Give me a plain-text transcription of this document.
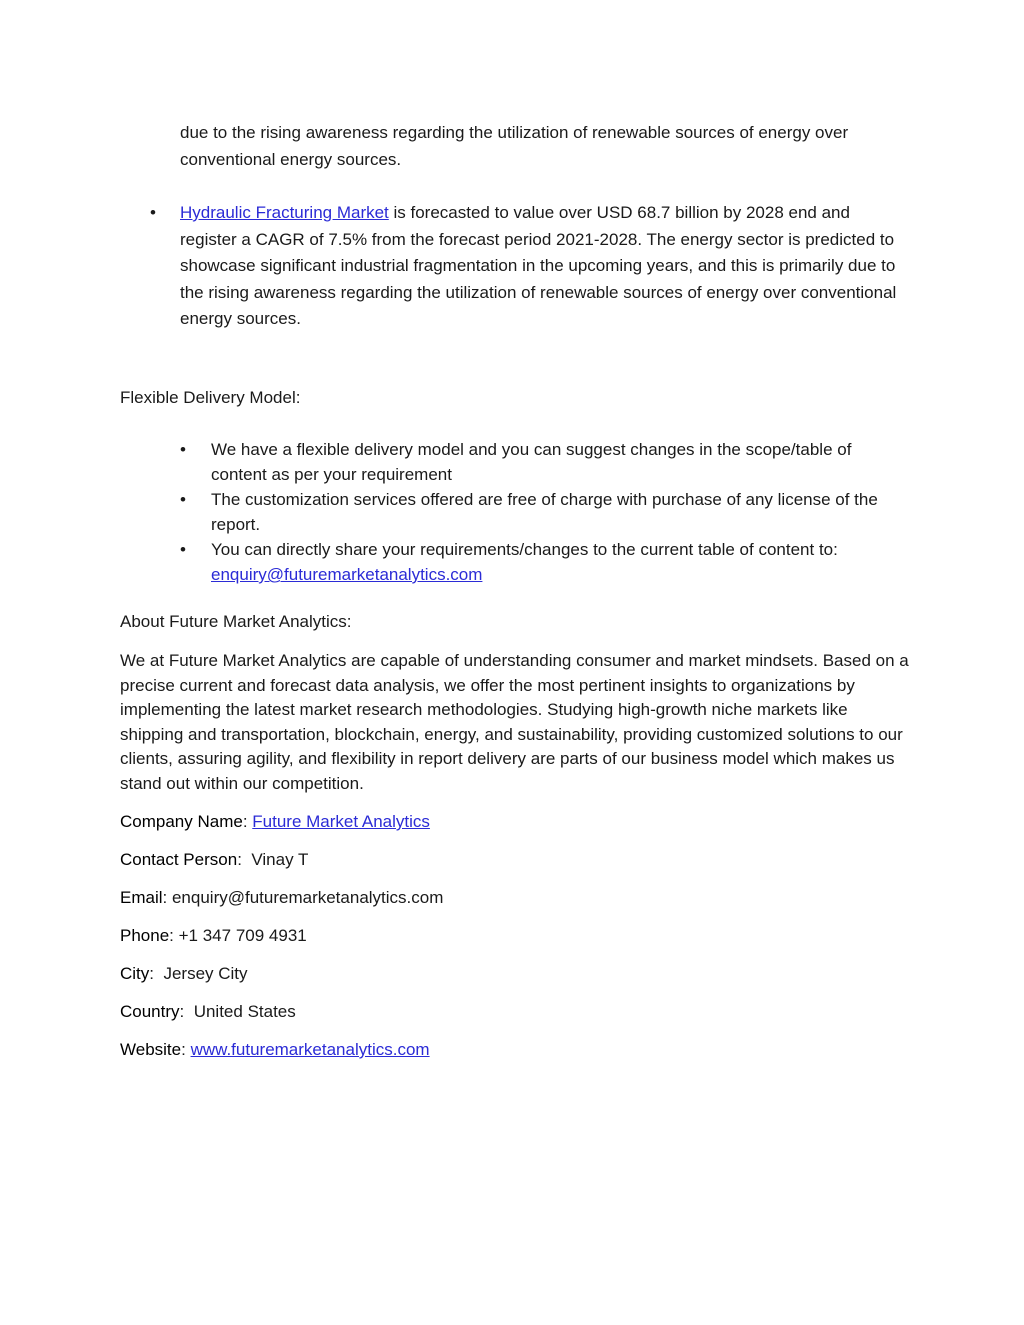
due to the rising awareness regarding the utilization of renewable sources of energy over conventional energy sources.

•	Hydraulic Fracturing Market is forecasted to value over USD 68.7 billion by 2028 end and register a CAGR of 7.5% from the forecast period 2021-2028. The energy sector is predicted to showcase significant industrial fragmentation in the upcoming years, and this is primarily due to the rising awareness regarding the utilization of renewable sources of energy over conventional energy sources.
Flexible Delivery Model:
• We have a flexible delivery model and you can suggest changes in the scope/table of content as per your requirement
• The customization services offered are free of charge with purchase of any license of the report.
• You can directly share your requirements/changes to the current table of content to: enquiry@futuremarketanalytics.com
About Future Market Analytics:

We at Future Market Analytics are capable of understanding consumer and market mindsets. Based on a precise current and forecast data analysis, we offer the most pertinent insights to organizations by implementing the latest market research methodologies. Studying high-growth niche markets like shipping and transportation, blockchain, energy, and sustainability, providing customized solutions to our clients, assuring agility, and flexibility in report delivery are parts of our business model which makes us stand out within our competition.

Company Name: Future Market Analytics
Contact Person:  Vinay T
Email: enquiry@futuremarketanalytics.com
Phone: +1 347 709 4931
City:  Jersey City
Country:  United States
Website: www.futuremarketanalytics.com
